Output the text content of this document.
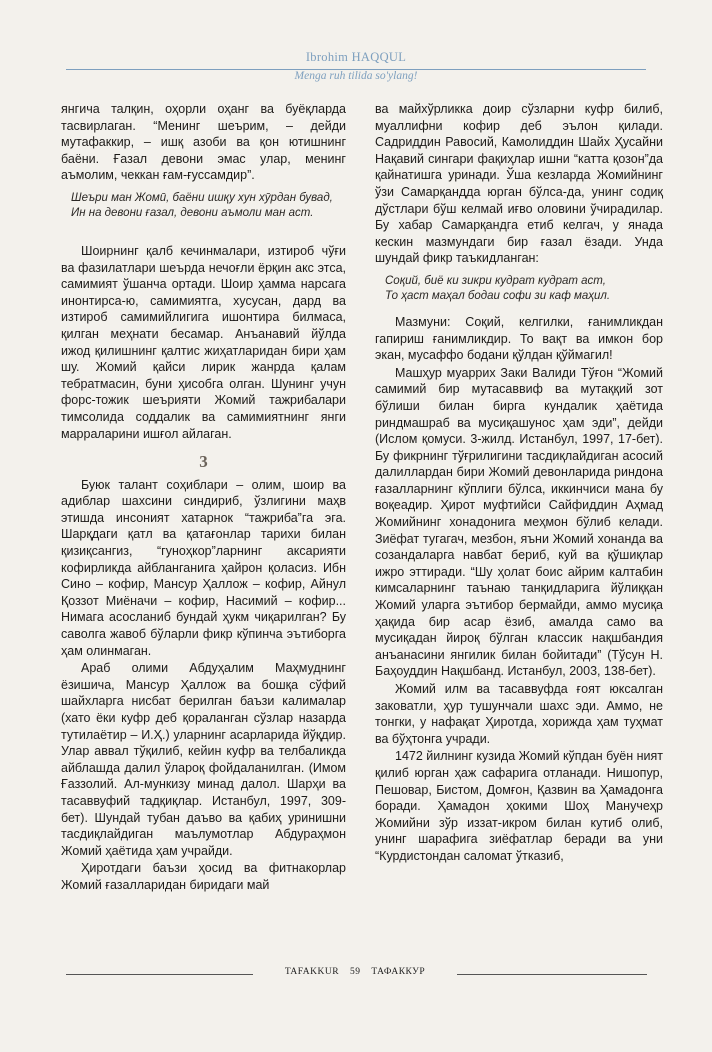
Ibrohim HAQQUL
Menga ruh tilida so'ylang!

янгича талқин, оҳорли оҳанг ва буёқларда тасвирлаган. “Менинг шеърим, – дейди мутафаккир, – ишқ азоби ва қон ютишнинг баёни. Ғазал девони эмас улар, менинг аъмолим, чеккан ғам-ғуссамдир”.

Шеъри ман Жомӣ, баёни ишқу хун хӯрдан бувад,
Ин на девони ғазал, девони аъмоли ман аст.

Шоирнинг қалб кечинмалари, изтироб чўғи ва фазилатлари шеърда нечоғли ёрқин акс этса, самимият ўшанча ортади. Шоир ҳамма нарсага инонтирса-ю, самимиятга, хусусан, дард ва изтироб самимийлигига ишонтира билмаса, қилган меҳнати бесамар. Анъанавий йўлда ижод қилишнинг қалтис жиҳатларидан бири ҳам шу. Жомий қайси лирик жанрда қалам тебратмасин, буни ҳисобга олган. Шунинг учун форс-тожик шеърияти Жомий тажрибалари тимсолида соддалик ва самимиятнинг янги марраларини ишғол айлаган.

3

Буюк талант соҳиблари – олим, шоир ва адиблар шахсини синдириб, ўзлигини маҳв этишда инсоният хатарнок “тажриба”га эга. Шарқдаги қатл ва қатағонлар тарихи билан қизиқсангиз, “гуноҳкор”ларнинг аксарияти кофирликда айбланганига ҳайрон қоласиз. Ибн Сино – кофир, Мансур Ҳаллож – кофир, Айнул Қоззот Миёначи – кофир, Насимий – кофир... Нимага асосланиб бундай ҳукм чиқарилган? Бу саволга жавоб бўларли фикр кўпинча эътиборга ҳам олинмаган.

Араб олими Абдуҳалим Маҳмуднинг ёзишича, Мансур Ҳаллож ва бошқа сўфий шайхларга нисбат берилган баъзи калималар (хато ёки куфр деб қораланган сўзлар назарда тутилаётир – И.Ҳ.) уларнинг асарларида йўқдир. Улар аввал тўқилиб, кейин куфр ва телбаликда айблашда далил ўлароқ фойдаланилган. (Имом Ғаззолий. Ал-мункизу минад далол. Шарҳи ва тасаввуфий тадқиқлар. Истанбул, 1997, 309-бет). Шундай тубан даъво ва қабиҳ уринишни тасдиқлайдиган маълумотлар Абдураҳмон Жомий ҳаётида ҳам учрайди.

Ҳиротдаги баъзи ҳосид ва фитнакорлар Жомий ғазалларидан биридаги май

ва майхўрликка доир сўзларни куфр билиб, муаллифни кофир деб эълон қилади. Садриддин Равосий, Камолиддин Шайх Ҳусайни Нақавий сингари фақиҳлар ишни “катта қозон”да қайнатишга уринади. Ўша кезларда Жомийнинг ўзи Самарқандда юрган бўлса-да, унинг содиқ дўстлари бўш келмай иғво оловини ўчирадилар. Бу хабар Самарқандга етиб келгач, у янада кескин мазмундаги бир ғазал ёзади. Унда шундай фикр таъкидланган:

Соқий, биё ки зикри кудрат кудрат аст,
То ҳаст маҳал бодаи софи зи каф маҳил.

Мазмуни: Соқий, келгилки, ғанимликдан гапириш ғанимликдир. То вақт ва имкон бор экан, мусаффо бодани қўлдан қўймагил!

Машҳур муаррих Заки Валиди Тўғон “Жомий самимий бир мутасаввиф ва мутаққий зот бўлиши билан бирга кундалик ҳаётида риндмашраб ва мусиқашунос ҳам эди”, дейди (Ислом қомуси. 3-жилд. Истанбул, 1997, 17-бет). Бу фикрнинг тўғрилигини тасдиқлайдиган асосий далиллардан бири Жомий девонларида риндона ғазалларнинг кўплиги бўлса, иккинчиси мана бу воқеадир. Ҳирот муфтийси Сайфиддин Аҳмад Жомийнинг хонадонига меҳмон бўлиб келади. Зиёфат тугагач, мезбон, яъни Жомий хонанда ва созандаларга навбат бериб, куй ва қўшиқлар ижро эттиради. “Шу ҳолат боис айрим калтабин кимсаларнинг таънаю танқидларига йўлиққан Жомий уларга эътибор бермайди, аммо мусиқа ҳақида бир асар ёзиб, амалда само ва мусиқадан йироқ бўлган классик нақшбандия анъанасини янгилик билан бойитади” (Тўсун Н. Баҳоуддин Нақшбанд. Истанбул, 2003, 138-бет).

Жомий илм ва тасаввуфда ғоят юксалган заковатли, ҳур тушунчали шахс эди. Аммо, не тонгки, у нафақат Ҳиротда, хорижда ҳам туҳмат ва бўҳтонга учради.

1472 йилнинг кузида Жомий кўпдан буён ният қилиб юрган ҳаж сафарига отланади. Нишопур, Пешовар, Бистом, Домғон, Қазвин ва Ҳамадонга боради. Ҳамадон ҳокими Шоҳ Манучеҳр Жомийни зўр иззат-икром билан кутиб олиб, унинг шарафига зиёфатлар беради ва уни “Курдистондан саломат ўтказиб,

TAFAKKUR 59 ТАФАККУР
